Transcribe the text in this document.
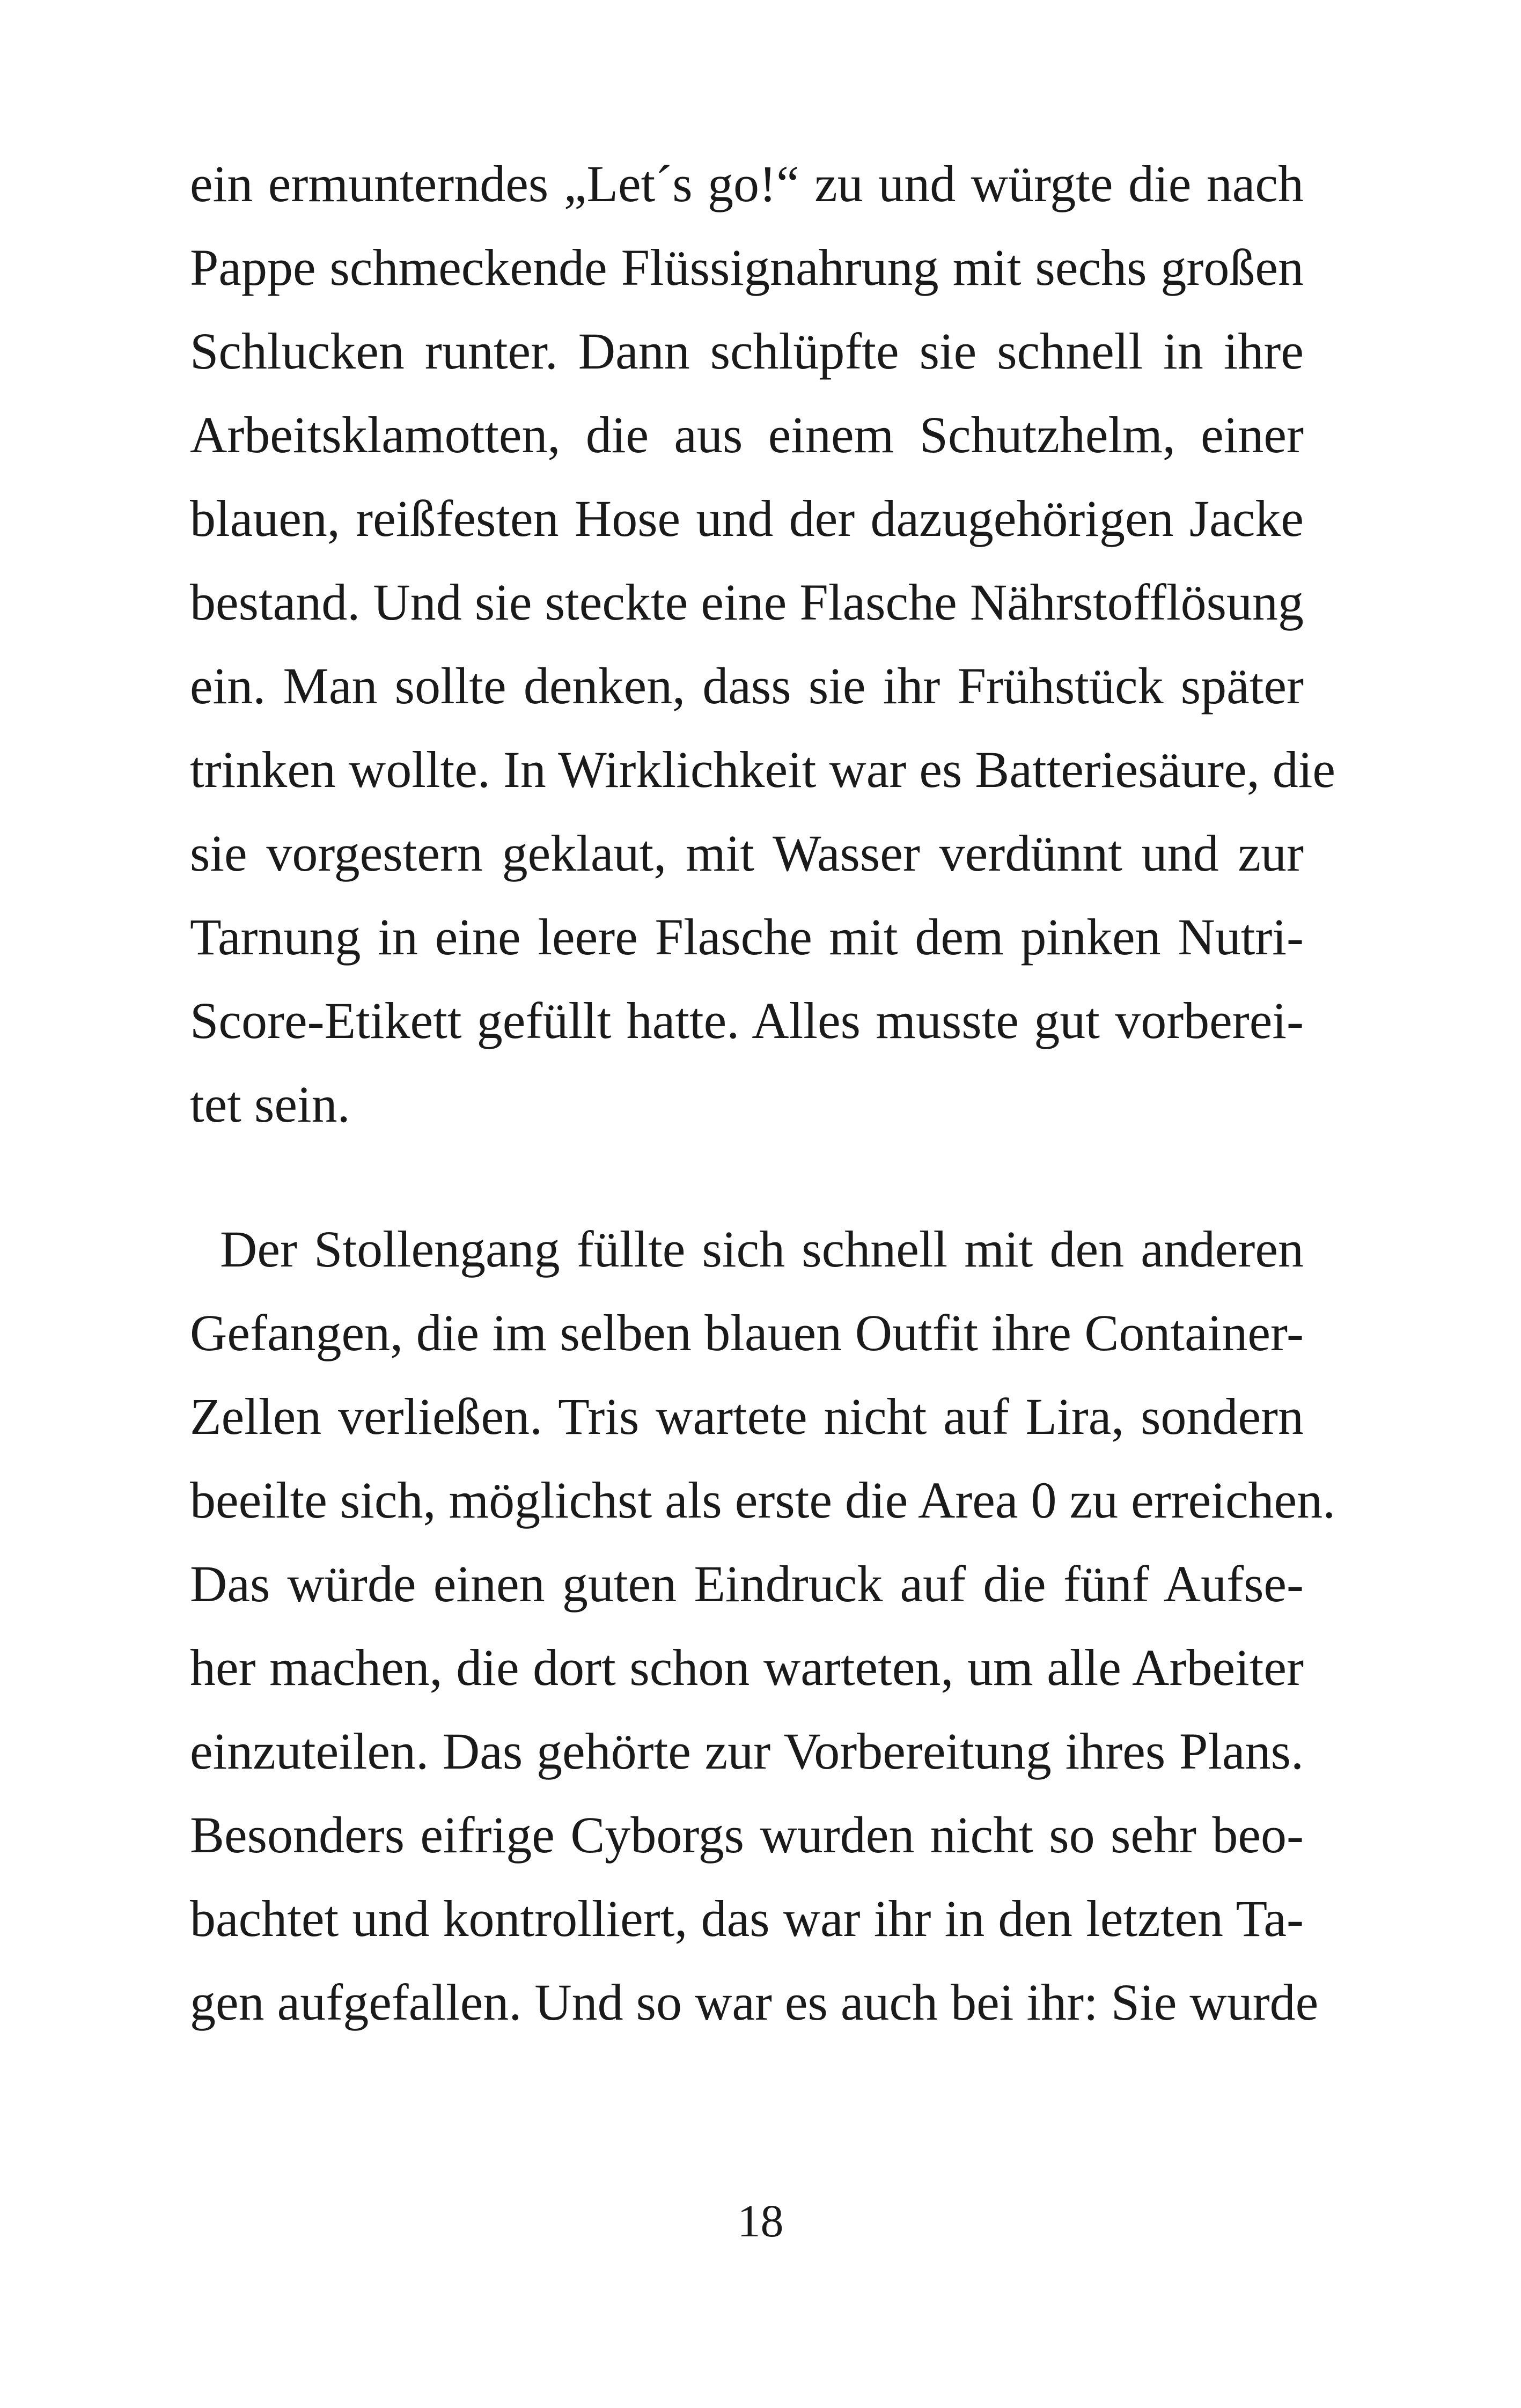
ein ermunterndes „Let´s go!“ zu und würgte die nach
Pappe schmeckende Flüssignahrung mit sechs großen
Schlucken runter. Dann schlüpfte sie schnell in ihre
Arbeitsklamotten, die aus einem Schutzhelm, einer
blauen, reißfesten Hose und der dazugehörigen Jacke
bestand. Und sie steckte eine Flasche Nährstofflösung
ein. Man sollte denken, dass sie ihr Frühstück später
trinken wollte. In Wirklichkeit war es Batteriesäure, die
sie vorgestern geklaut, mit Wasser verdünnt und zur
Tarnung in eine leere Flasche mit dem pinken Nutri-
Score-Etikett gefüllt hatte. Alles musste gut vorberei-
tet sein.
Der Stollengang füllte sich schnell mit den anderen
Gefangen, die im selben blauen Outfit ihre Container-
Zellen verließen. Tris wartete nicht auf Lira, sondern
beeilte sich, möglichst als erste die Area 0 zu erreichen.
Das würde einen guten Eindruck auf die fünf Aufse-
her machen, die dort schon warteten, um alle Arbeiter
einzuteilen. Das gehörte zur Vorbereitung ihres Plans.
Besonders eifrige Cyborgs wurden nicht so sehr beo-
bachtet und kontrolliert, das war ihr in den letzten Ta-
gen aufgefallen. Und so war es auch bei ihr: Sie wurde
18
